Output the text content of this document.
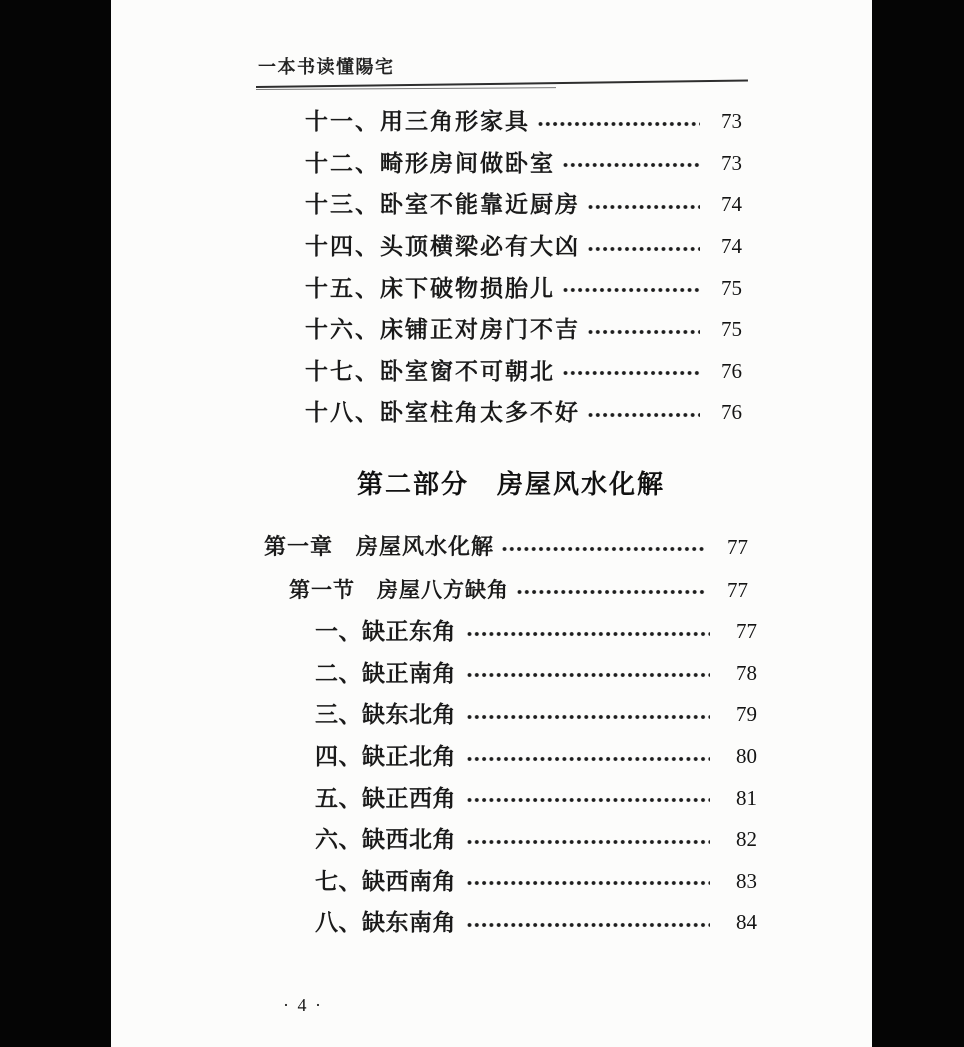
一本书读懂陽宅
十一、用三角形家具	73
十二、畸形房间做卧室	73
十三、卧室不能靠近厨房	74
十四、头顶横梁必有大凶	74
十五、床下破物损胎儿	75
十六、床铺正对房门不吉	75
十七、卧室窗不可朝北	76
十八、卧室柱角太多不好	76
第二部分　房屋风水化解
第一章　房屋风水化解	77
第一节　房屋八方缺角	77
一、缺正东角	77
二、缺正南角	78
三、缺东北角	79
四、缺正北角	80
五、缺正西角	81
六、缺西北角	82
七、缺西南角	83
八、缺东南角	84
· 4 ·
